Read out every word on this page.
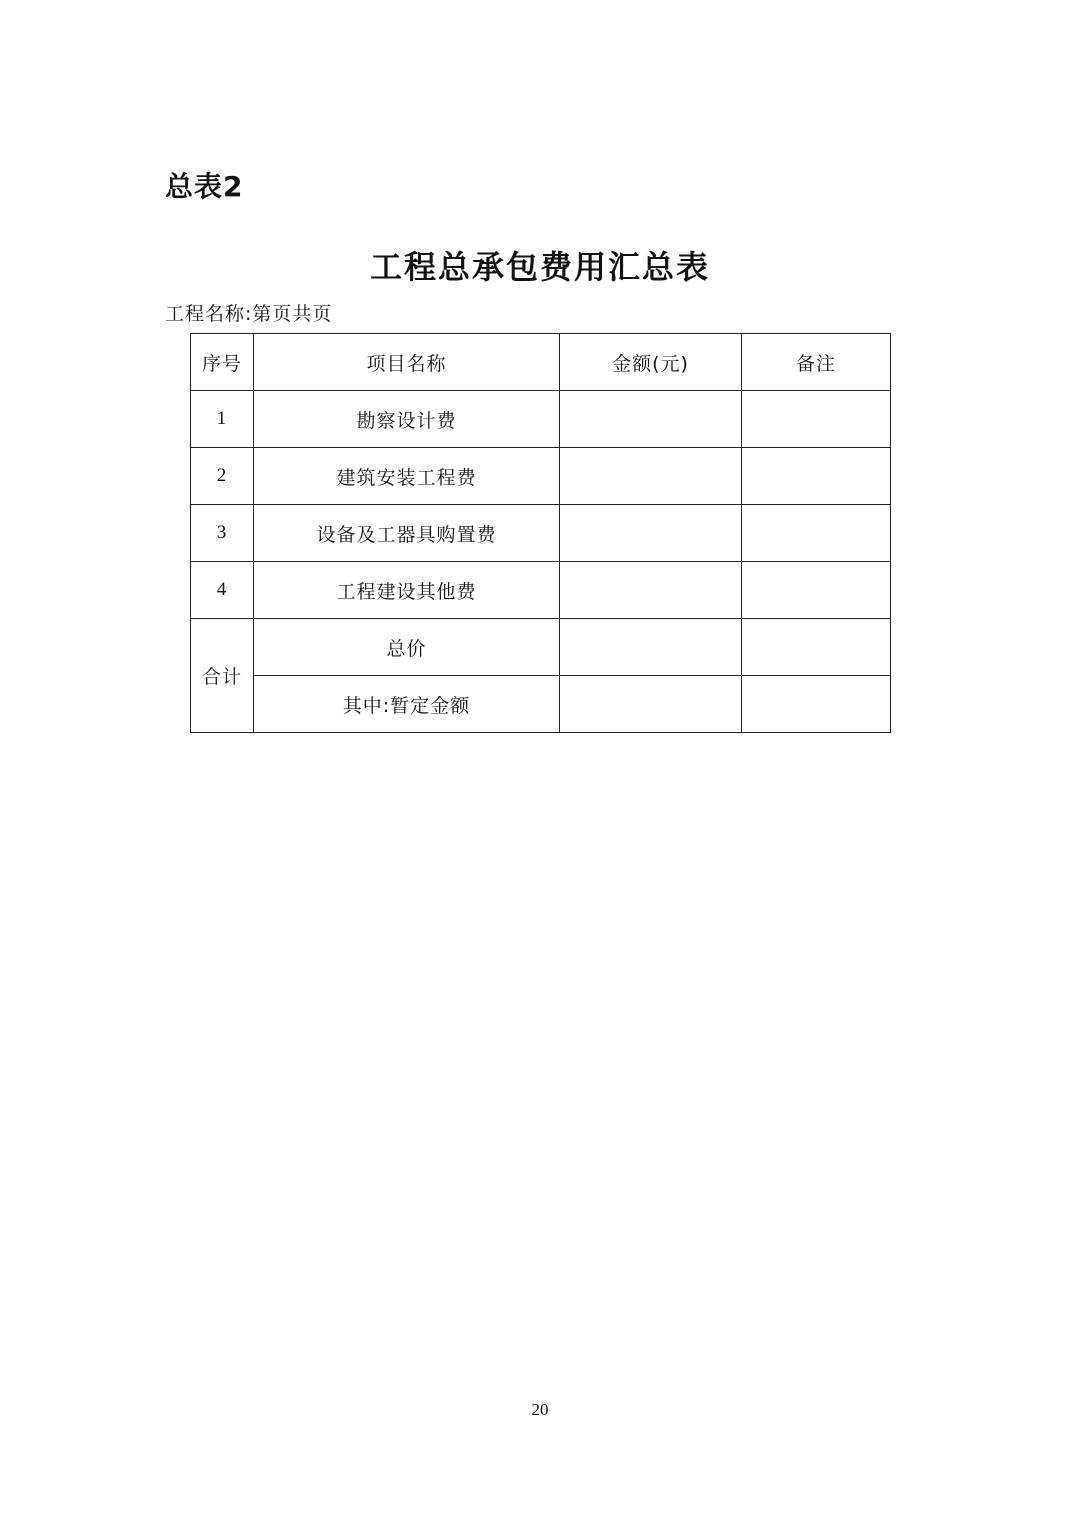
总表2
工程总承包费用汇总表
工程名称:第页共页
序号	项目名称	金额(元)	备注
1	勘察设计费		
2	建筑安装工程费		
3	设备及工器具购置费		
4	工程建设其他费		
合计	总价		
	其中:暂定金额		
20
